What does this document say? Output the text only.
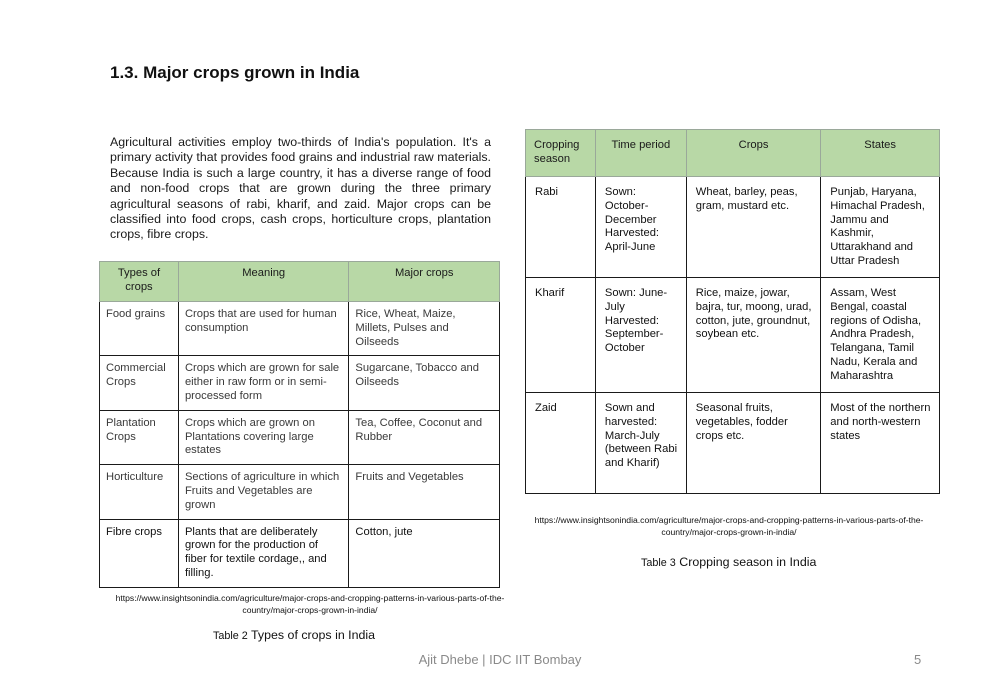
1.3. Major crops grown in India

Agricultural activities employ two-thirds of India's population. It's a primary activity that provides food grains and industrial raw materials. Because India is such a large country, it has a diverse range of food and non-food crops that are grown during the three primary agricultural seasons of rabi, kharif, and zaid. Major crops can be classified into food crops, cash crops, horticulture crops, plantation crops, fibre crops.

Types of crops	Meaning	Major crops
Food grains	Crops that are used for human consumption	Rice, Wheat, Maize, Millets, Pulses and Oilseeds
Commercial Crops	Crops which are grown for sale either in raw form or in semi-processed form	Sugarcane, Tobacco and Oilseeds
Plantation Crops	Crops which are grown on Plantations covering large estates	Tea, Coffee, Coconut and Rubber
Horticulture	Sections of agriculture in which Fruits and Vegetables are grown	Fruits and Vegetables
Fibre crops	Plants that are deliberately grown for the production of fiber for textile cordage,, and filling.	Cotton, jute
https://www.insightsonindia.com/agriculture/major-crops-and-cropping-patterns-in-various-parts-of-the-country/major-crops-grown-in-india/
Table 2 Types of crops in India
Cropping season	Time period	Crops	States
Rabi	Sown: October-December Harvested: April-June	Wheat, barley, peas, gram, mustard etc.	Punjab, Haryana, Himachal Pradesh, Jammu and Kashmir, Uttarakhand and Uttar Pradesh
Kharif	Sown: June-July Harvested: September-October	Rice, maize, jowar, bajra, tur, moong, urad, cotton, jute, groundnut, soybean etc.	Assam, West Bengal, coastal regions of Odisha, Andhra Pradesh, Telangana, Tamil Nadu, Kerala and Maharashtra
Zaid	Sown and harvested: March-July (between Rabi and Kharif)	Seasonal fruits, vegetables, fodder crops etc.	Most of the northern and north-western states
https://www.insightsonindia.com/agriculture/major-crops-and-cropping-patterns-in-various-parts-of-the-country/major-crops-grown-in-india/
Table 3 Cropping season in India
Ajit Dhebe | IDC IIT Bombay	5
